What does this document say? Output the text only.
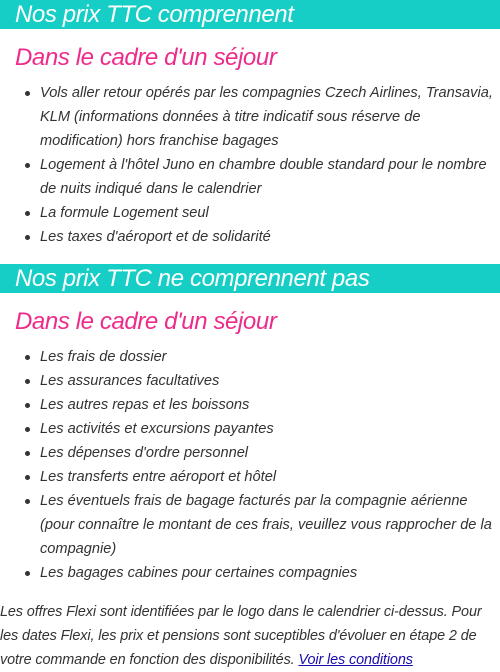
Nos prix TTC comprennent
Dans le cadre d'un séjour
Vols aller retour opérés par les compagnies Czech Airlines, Transavia, KLM (informations données à titre indicatif sous réserve de modification) hors franchise bagages
Logement à l'hôtel Juno en chambre double standard pour le nombre de nuits indiqué dans le calendrier
La formule Logement seul
Les taxes d'aéroport et de solidarité
Nos prix TTC ne comprennent pas
Dans le cadre d'un séjour
Les frais de dossier
Les assurances facultatives
Les autres repas et les boissons
Les activités et excursions payantes
Les dépenses d'ordre personnel
Les transferts entre aéroport et hôtel
Les éventuels frais de bagage facturés par la compagnie aérienne (pour connaître le montant de ces frais, veuillez vous rapprocher de la compagnie)
Les bagages cabines pour certaines compagnies

Les offres Flexi sont identifiées par le logo dans le calendrier ci-dessus. Pour les dates Flexi, les prix et pensions sont suceptibles d'évoluer en étape 2 de votre commande en fonction des disponibilités. Voir les conditions
